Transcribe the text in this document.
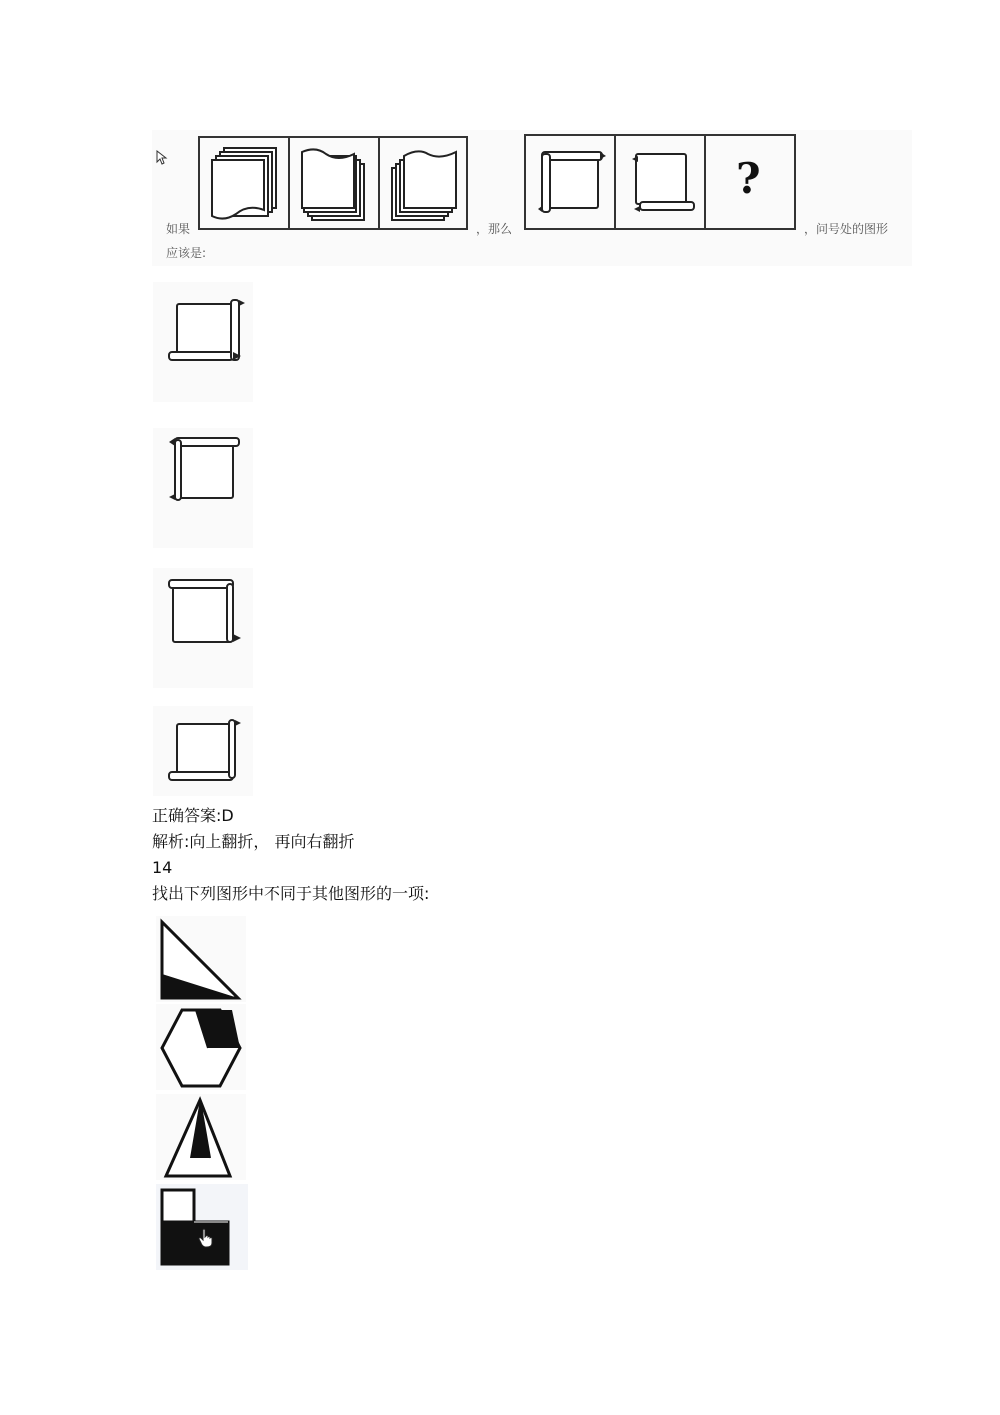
如果	，那么
?
，问号处的图形
应该是:
正确答案:D
解析:向上翻折， 再向右翻折
14
找出下列图形中不同于其他图形的一项:
